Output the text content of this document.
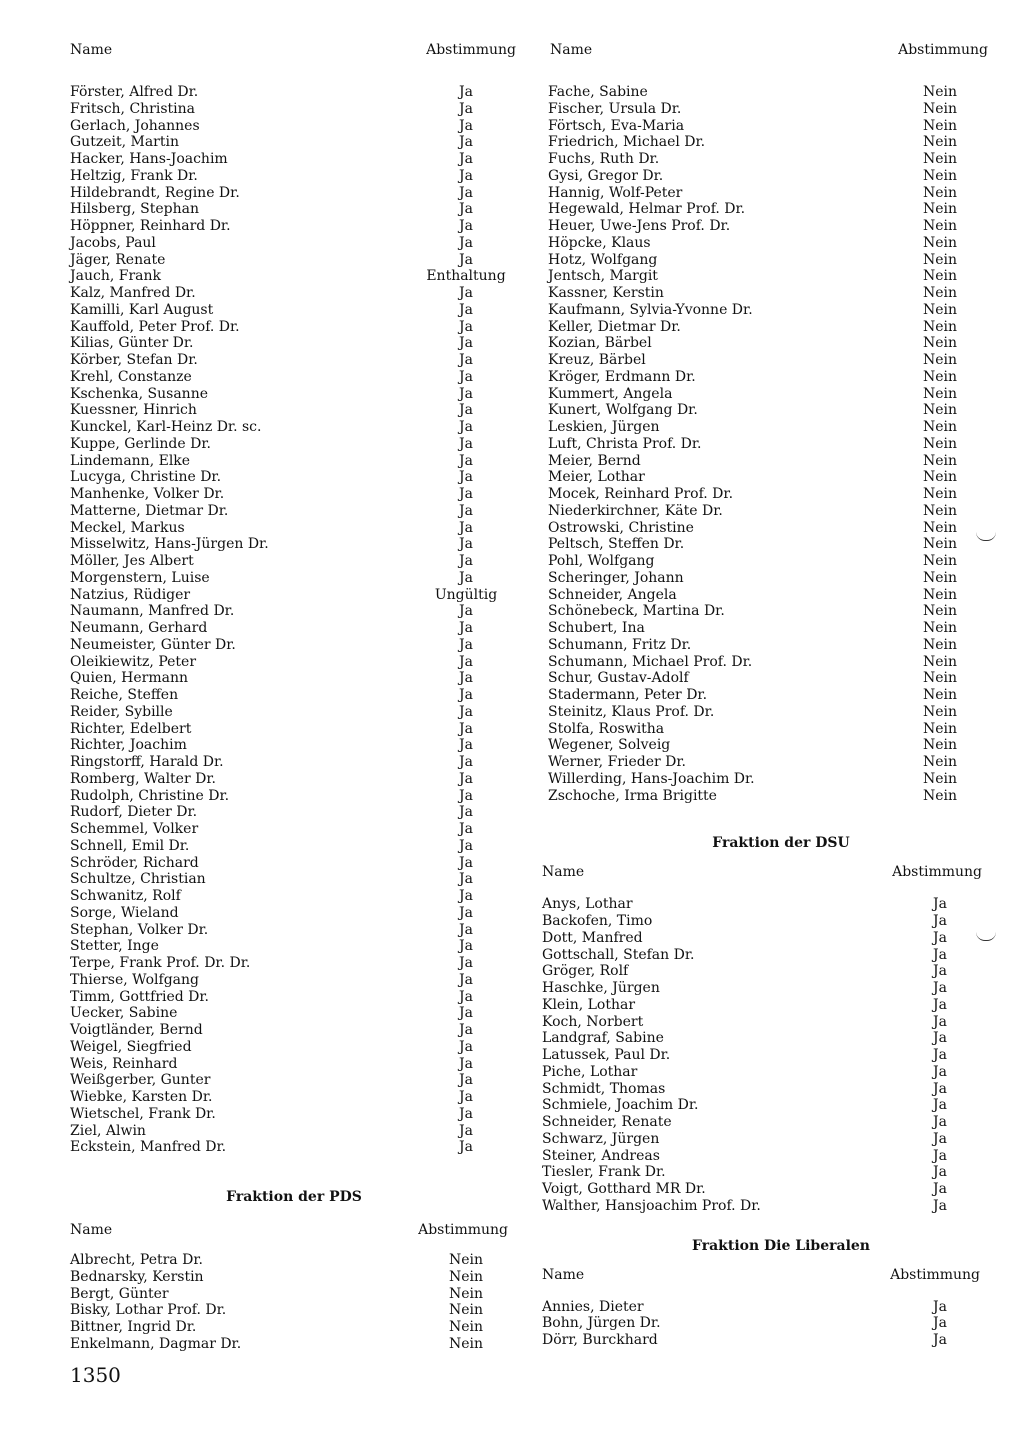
Name	Abstimmung
Förster, Alfred Dr.	Ja
Fritsch, Christina	Ja
Gerlach, Johannes	Ja
Gutzeit, Martin	Ja
Hacker, Hans-Joachim	Ja
Heltzig, Frank Dr.	Ja
Hildebrandt, Regine Dr.	Ja
Hilsberg, Stephan	Ja
Höppner, Reinhard Dr.	Ja
Jacobs, Paul	Ja
Jäger, Renate	Ja
Jauch, Frank	Enthaltung
Kalz, Manfred Dr.	Ja
Kamilli, Karl August	Ja
Kauffold, Peter Prof. Dr.	Ja
Kilias, Günter Dr.	Ja
Körber, Stefan Dr.	Ja
Krehl, Constanze	Ja
Kschenka, Susanne	Ja
Kuessner, Hinrich	Ja
Kunckel, Karl-Heinz Dr. sc.	Ja
Kuppe, Gerlinde Dr.	Ja
Lindemann, Elke	Ja
Lucyga, Christine Dr.	Ja
Manhenke, Volker Dr.	Ja
Matterne, Dietmar Dr.	Ja
Meckel, Markus	Ja
Misselwitz, Hans-Jürgen Dr.	Ja
Möller, Jes Albert	Ja
Morgenstern, Luise	Ja
Natzius, Rüdiger	Ungültig
Naumann, Manfred Dr.	Ja
Neumann, Gerhard	Ja
Neumeister, Günter Dr.	Ja
Oleikiewitz, Peter	Ja
Quien, Hermann	Ja
Reiche, Steffen	Ja
Reider, Sybille	Ja
Richter, Edelbert	Ja
Richter, Joachim	Ja
Ringstorff, Harald Dr.	Ja
Romberg, Walter Dr.	Ja
Rudolph, Christine Dr.	Ja
Rudorf, Dieter Dr.	Ja
Schemmel, Volker	Ja
Schnell, Emil Dr.	Ja
Schröder, Richard	Ja
Schultze, Christian	Ja
Schwanitz, Rolf	Ja
Sorge, Wieland	Ja
Stephan, Volker Dr.	Ja
Stetter, Inge	Ja
Terpe, Frank Prof. Dr. Dr.	Ja
Thierse, Wolfgang	Ja
Timm, Gottfried Dr.	Ja
Uecker, Sabine	Ja
Voigtländer, Bernd	Ja
Weigel, Siegfried	Ja
Weis, Reinhard	Ja
Weißgerber, Gunter	Ja
Wiebke, Karsten Dr.	Ja
Wietschel, Frank Dr.	Ja
Ziel, Alwin	Ja
Eckstein, Manfred Dr.	Ja
Fraktion der PDS
Name	Abstimmung
Albrecht, Petra Dr.	Nein
Bednarsky, Kerstin	Nein
Bergt, Günter	Nein
Bisky, Lothar Prof. Dr.	Nein
Bittner, Ingrid Dr.	Nein
Enkelmann, Dagmar Dr.	Nein
Name	Abstimmung
Fache, Sabine	Nein
Fischer, Ursula Dr.	Nein
Förtsch, Eva-Maria	Nein
Friedrich, Michael Dr.	Nein
Fuchs, Ruth Dr.	Nein
Gysi, Gregor Dr.	Nein
Hannig, Wolf-Peter	Nein
Hegewald, Helmar Prof. Dr.	Nein
Heuer, Uwe-Jens Prof. Dr.	Nein
Höpcke, Klaus	Nein
Hotz, Wolfgang	Nein
Jentsch, Margit	Nein
Kassner, Kerstin	Nein
Kaufmann, Sylvia-Yvonne Dr.	Nein
Keller, Dietmar Dr.	Nein
Kozian, Bärbel	Nein
Kreuz, Bärbel	Nein
Kröger, Erdmann Dr.	Nein
Kummert, Angela	Nein
Kunert, Wolfgang Dr.	Nein
Leskien, Jürgen	Nein
Luft, Christa Prof. Dr.	Nein
Meier, Bernd	Nein
Meier, Lothar	Nein
Mocek, Reinhard Prof. Dr.	Nein
Niederkirchner, Käte Dr.	Nein
Ostrowski, Christine	Nein
Peltsch, Steffen Dr.	Nein
Pohl, Wolfgang	Nein
Scheringer, Johann	Nein
Schneider, Angela	Nein
Schönebeck, Martina Dr.	Nein
Schubert, Ina	Nein
Schumann, Fritz Dr.	Nein
Schumann, Michael Prof. Dr.	Nein
Schur, Gustav-Adolf	Nein
Stadermann, Peter Dr.	Nein
Steinitz, Klaus Prof. Dr.	Nein
Stolfa, Roswitha	Nein
Wegener, Solveig	Nein
Werner, Frieder Dr.	Nein
Willerding, Hans-Joachim Dr.	Nein
Zschoche, Irma Brigitte	Nein
Fraktion der DSU
Name	Abstimmung
Anys, Lothar	Ja
Backofen, Timo	Ja
Dott, Manfred	Ja
Gottschall, Stefan Dr.	Ja
Gröger, Rolf	Ja
Haschke, Jürgen	Ja
Klein, Lothar	Ja
Koch, Norbert	Ja
Landgraf, Sabine	Ja
Latussek, Paul Dr.	Ja
Piche, Lothar	Ja
Schmidt, Thomas	Ja
Schmiele, Joachim Dr.	Ja
Schneider, Renate	Ja
Schwarz, Jürgen	Ja
Steiner, Andreas	Ja
Tiesler, Frank Dr.	Ja
Voigt, Gotthard MR Dr.	Ja
Walther, Hansjoachim Prof. Dr.	Ja
Fraktion Die Liberalen
Name	Abstimmung
Annies, Dieter	Ja
Bohn, Jürgen Dr.	Ja
Dörr, Burckhard	Ja
1350
